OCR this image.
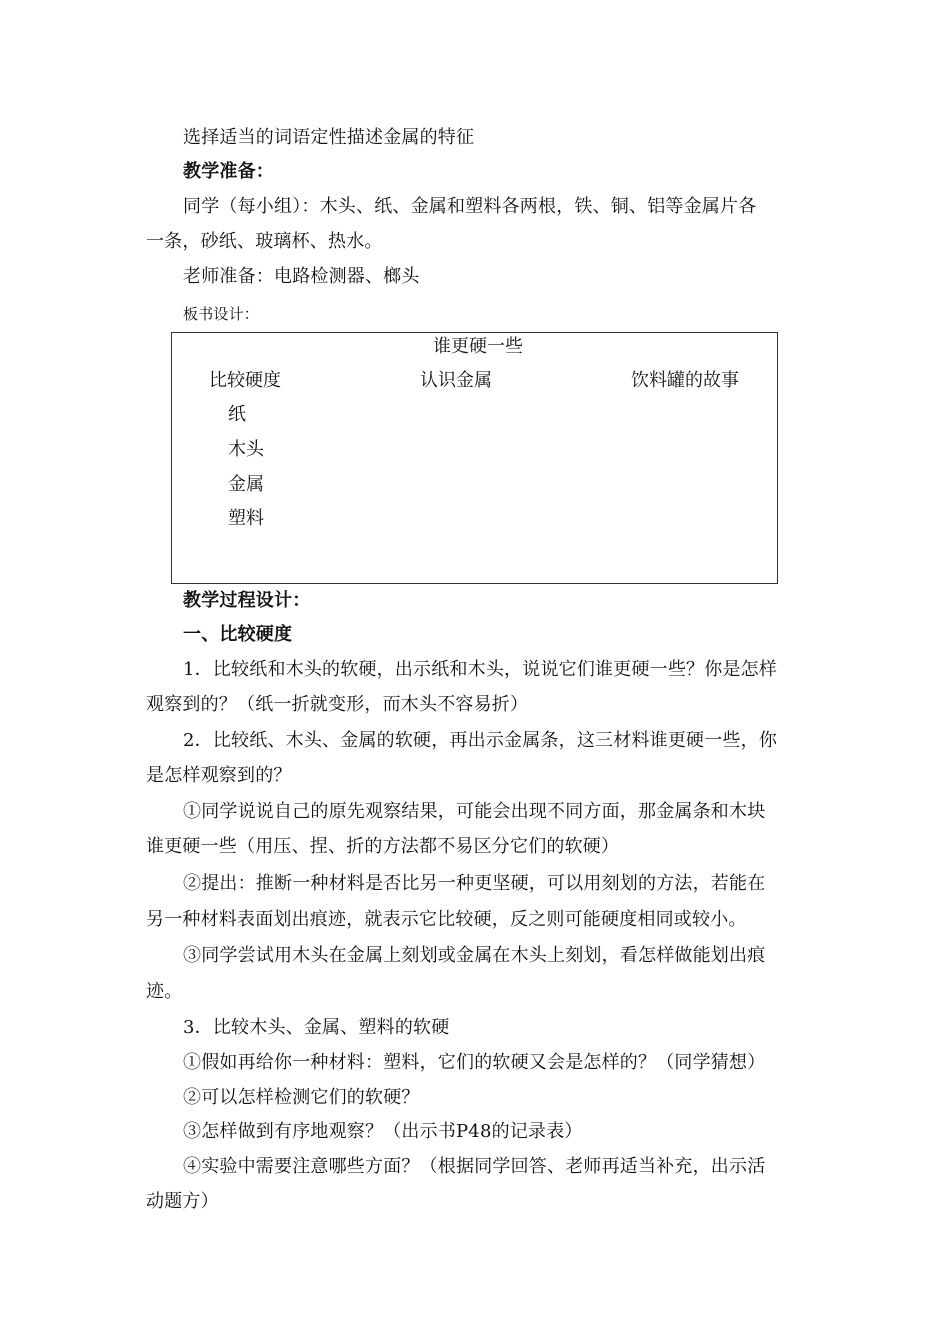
选择适当的词语定性描述金属的特征
教学准备：
同学（每小组）：木头、纸、金属和塑料各两根，铁、铜、铝等金属片各
一条，砂纸、玻璃杯、热水。
老师准备：电路检测器、榔头
板书设计：
谁更硬一些
比较硬度	认识金属	饮料罐的故事
纸
木头
金属
塑料
教学过程设计：
一、比较硬度
1．比较纸和木头的软硬，出示纸和木头，说说它们谁更硬一些？你是怎样
观察到的？（纸一折就变形，而木头不容易折）
2．比较纸、木头、金属的软硬，再出示金属条，这三材料谁更硬一些，你
是怎样观察到的？
①同学说说自己的原先观察结果，可能会出现不同方面，那金属条和木块
谁更硬一些（用压、捏、折的方法都不易区分它们的软硬）
②提出：推断一种材料是否比另一种更坚硬，可以用刻划的方法，若能在
另一种材料表面划出痕迹，就表示它比较硬，反之则可能硬度相同或较小。
③同学尝试用木头在金属上刻划或金属在木头上刻划，看怎样做能划出痕
迹。
3．比较木头、金属、塑料的软硬
①假如再给你一种材料：塑料，它们的软硬又会是怎样的？（同学猜想）
②可以怎样检测它们的软硬？
③怎样做到有序地观察？（出示书P48的记录表）
④实验中需要注意哪些方面？（根据同学回答、老师再适当补充，出示活
动题方）
